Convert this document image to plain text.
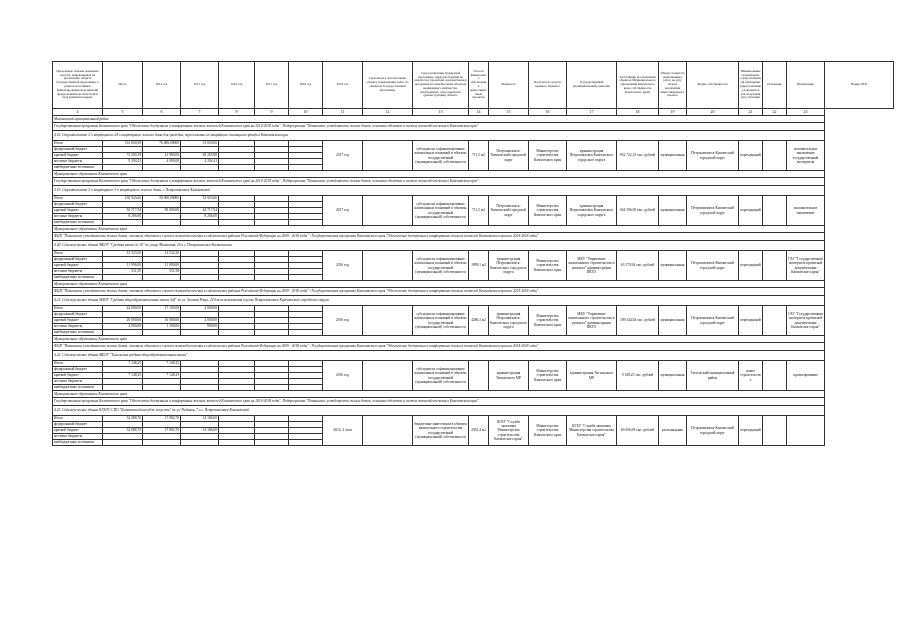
Предельные объемы денежных средств, направляемых на реализацию объекта Государственной программы, в разрезе источников финансирования мероприятий федеральной или областной и программной порядке	Итого	2014 год	2015 год	2016 год	2017 год	2018 год	2019 год	Срок ввода в эксплуатацию объекта (завершения) работ по объектам Государственной программы	Срок реализации бюджетной программы, предусмотренной на разработку проектной документации в программе на приобретение объектов недвижимого имущества, необходимого для разработки (реконструкции) объекта	Способ финансового обеспечения инвестиционных проектов	Мощность	Получатель средств краевого бюджета	Государственный (муниципальный) заказчик	Застройщик (в отношении объектов Муниципального образования Камчатского края, собственности Камчатского края)	Общая стоимость выполненных работ на дату начала реализации инвестиционного проекта	Форма собственности	Наименование организации, осуществляющей обращение (представление) документов для получения (по) субсидии	Основание	Примечание	Номер ПСК
4	5	6	7	8	9	10	11	12	13	14	15	16	17	18	19	20	21	22	23	
Мильковский муниципальный район																				
Государственная программа Камчатского края "Обеспечение доступным и комфортным жильем жителей Камчатского края на 2014-2018 годы". Подпрограмма "Повышение устойчивости жилых домов, основных объектов и систем жизнеобеспечения в Камчатском крае".																				
4.16. Строительство 2-х квартирного 24-х квартирного жилого дома для граждан, переселяемых из аварийного жилищного фонда в Камчатском крае																				
Итого	161 650,58	76 000,00000	31 650,00				2017 год		субсидии на софинансирование капитальных вложений в объекты государственной (муниципальной) собственности	711,5 м2	Петропавловск-Камчатский городской округ	Министерство строительства Камчатского края	администрация Петропавловск-Камчатского городского округа	852 722,33 тыс. рублей	муниципальная	Петропавловск-Камчатский городской округ	переходящий		положительное заключение государственной экспертизы	
федеральный бюджет																				
краевой бюджет	72 200,19	41 980,00	69 265,88																	
местные бюджеты	9 294,41	4 000,00	4 294,41																	
внебюджетные источники																				
Муниципальное образование Камчатского края																				
Государственная программа Камчатского края "Обеспечение доступным и комфортным жильем жителей Камчатского края на 2014-2018 годы". Подпрограмма "Повышение устойчивости жилых домов, основных объектов и систем жизнеобеспечения в Камчатском крае".																				
4.19. Строительство 2-х квартирного 3-х квартирного жилого дома, г. Петропавловск-Камчатский																				
Итого	102 923,66	50 000,00000	52 923,66				2017 год		субсидии на софинансирование капитальных вложений в объекты государственной (муниципальной) собственности	711,5 м2	Петропавловск-Камчатский городской округ	Министерство строительства Камчатского края	администрация Петропавловск-Камчатского городского округа	634 396,06 тыс. рублей	муниципальная	Петропавловск-Камчатский городской округ	переходящий		положительное заключение	
федеральный бюджет																				
краевой бюджет	94 717,94	50 000,00	44 717,94																	
местные бюджеты	8 206,00		8 206,00																	
внебюджетные источники																				
Муниципальное образование Камчатского края																				
ФЦП "Повышение устойчивости жилых домов, основных объектов и систем жизнеобеспечения в сейсмических районах Российской Федерации на 2009 - 2018 годы" / Государственная программа Камчатского края "Обеспечение доступным и комфортным жильем жителей Камчатского края на 2014-2018 годы".																				
4.20. Сейсмоусиление здания МБОУ "Средняя школа № 10" по улице Мишенная, 20 в г. Петропавловск-Камчатском																				
Итого	13 523,50	12 532,50					2016 год		субсидии на софинансирование капитальных вложений в объекты государственной (муниципальной) собственности	1899,1 м2	администрация Петропавловск-Камчатского городского округа	Министерство строительства Камчатского края	МКУ "Управление капитального строительства и ремонта" администрации ПКГО	63 179,94 тыс. рублей	муниципальная	Петропавловск-Камчатский городской округ	переходящий		ГАУ "Государственная экспертиза проектной документации Камчатского края"	
федеральный бюджет																				
краевой бюджет	11 996,00	11 000,00																		
местные бюджеты	531,50	531,50																		
внебюджетные источники																				
Муниципальное образование Камчатского края																				
ФЦП "Повышение устойчивости жилых домов, основных объектов и систем жизнеобеспечения в сейсмических районах Российской Федерации на 2009 - 2018 годы" / Государственная программа Камчатского края "Обеспечение доступным и комфортным жильем жителей Камчатского края на 2014-2018 годы".																				
4.21. Сейсмоусиление здания МАОУ "Средняя общеобразовательная школа №8" по ул. Зеленая Роща, 24 для использования в целях Петропавловск-Камчатского городского округа																				
Итого	22 000,00	17 100,00	4 900,00				2016 год		субсидии на софинансирование капитальных вложений в объекты государственной (муниципальной) собственности	4286,3 м2	администрация Петропавловск-Камчатского городского округа	Министерство строительства Камчатского края	МКУ "Управление капитального строительства и ремонта" администрации ПКГО	189 344,04 тыс. рублей	муниципальная	Петропавловск-Камчатский городской округ	переходящий		ГАУ "Государственная экспертиза проектной документации Камчатского края"	
федеральный бюджет																				
краевой бюджет	20 000,00	16 000,00	4 000,00																	
местные бюджеты	2 000,00	1 100,00	900,00																	
внебюджетные источники																				
Муниципальное образование Камчатского края																				
ФЦП "Повышение устойчивости жилых домов, основных объектов и систем жизнеобеспечения в сейсмических районах Российской Федерации на 2009 - 2018 годы" / Государственная программа Камчатского края "Обеспечение доступным и комфортным жильем жителей Камчатского края на 2014-2018 годы".																				
4.22. Сейсмоусиление здания МБОУ "Тигильская средняя общеобразовательная школа"																				
Итого	7 148,25	7 148,25					2016 год		субсидии на софинансирование капитальных вложений в объекты государственной (муниципальной) собственности		администрация Тигильского МР	Министерство строительства Камчатского края	администрация Тигильского МР	9 148,25 тыс. рублей	муниципальная	Тигильский муниципальный район	новое строительство		проектирование	
федеральный бюджет																				
краевой бюджет	7 148,25	7 148,25																		
местные бюджеты																				
внебюджетные источники																				
Муниципальное образование Камчатского края																				
Государственная программа Камчатского края "Обеспечение доступным и комфортным жильем жителей Камчатского края на 2014-2018 годы". Подпрограмма "Повышение устойчивости жилых домов, основных объектов и систем жизнеобеспечения в Камчатском крае".																				
4.23. Сейсмоусиление здания КГБОУ СПО "Камчатский колледж искусств" по ул. Рыбаков, 7 в г. Петропавловск-Камчатский																				
Итого	32 088,70	17 902,70	14 186,00				2016, 2 этап		бюджетные инвестиции в объекты капитального строительства государственной (муниципальной) собственности	2563,4 м2	КГБУ "Служба заказчика Министерства строительства Камчатского края"	Министерство строительства Камчатского края	КГБУ "Служба заказчика Министерства строительства Камчатского края"	60 456,09 тыс. рублей	региональная	Петропавловск-Камчатский городской округ	переходящий			
федеральный бюджет																				
краевой бюджет	32 088,70	17 902,70	14 186,00																	
местные бюджеты																				
внебюджетные источники																				
